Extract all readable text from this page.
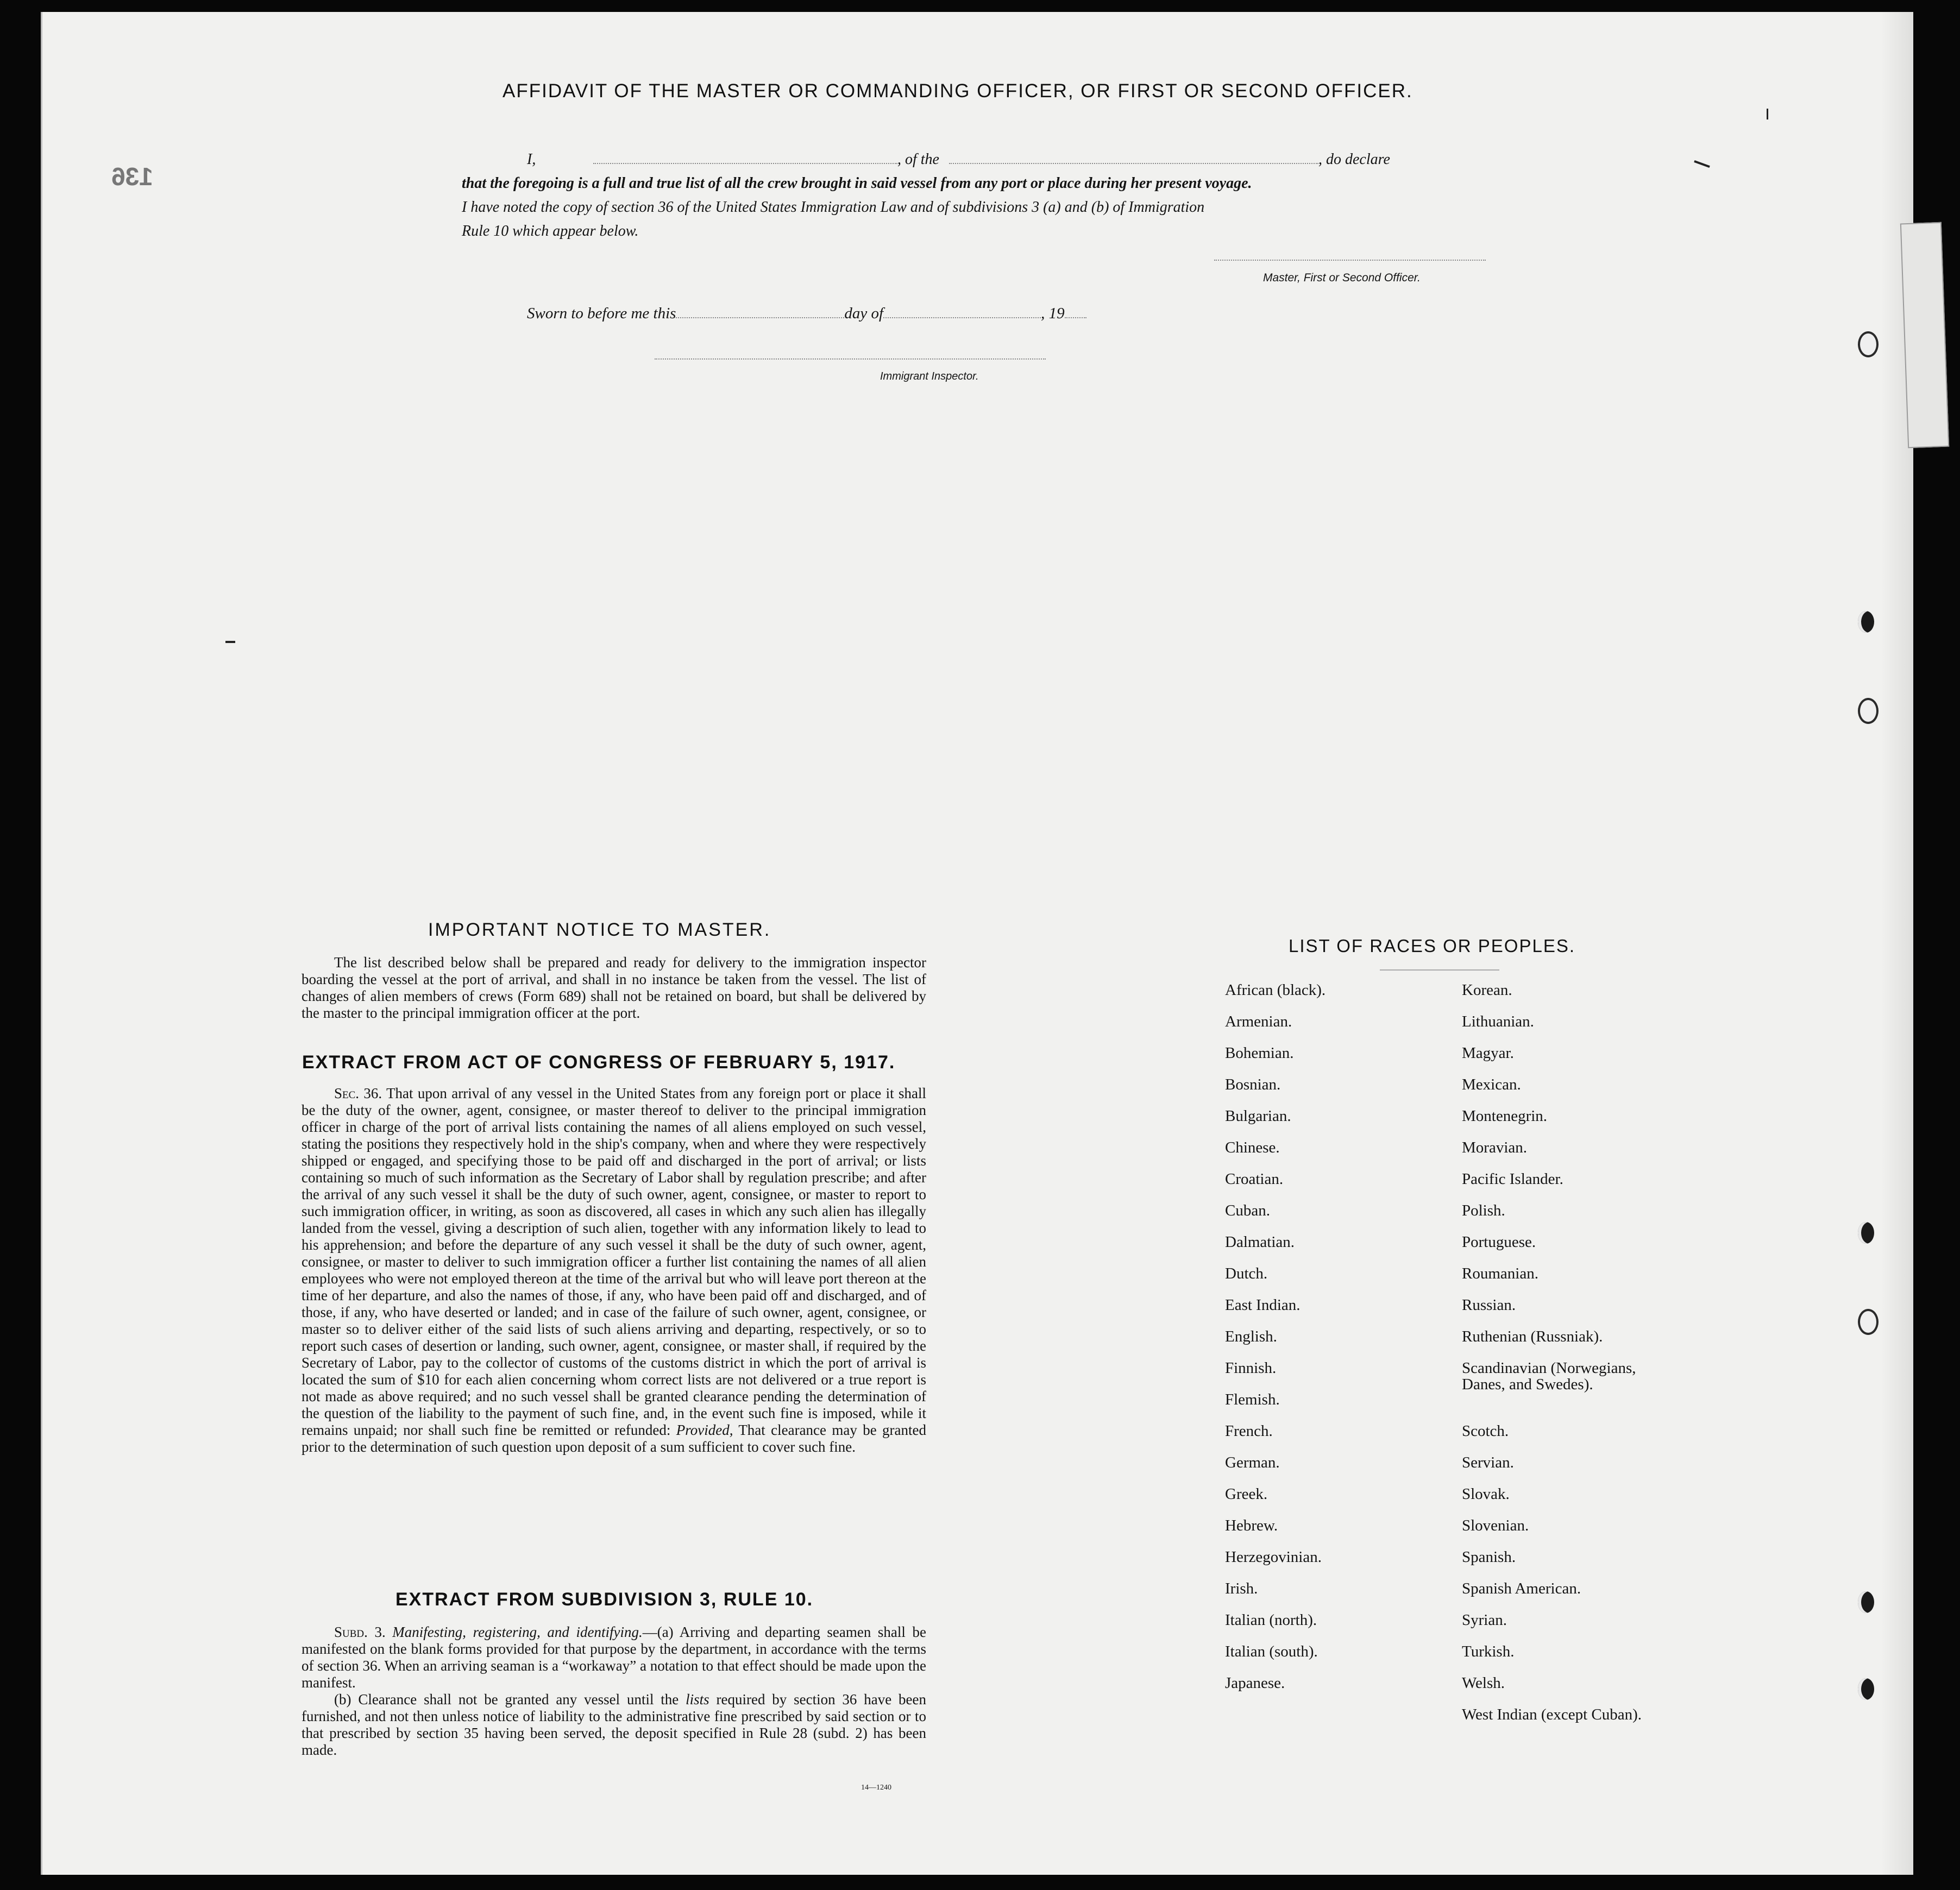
136
AFFIDAVIT OF THE MASTER OR COMMANDING OFFICER, OR FIRST OR SECOND OFFICER.
I,	, of the	, do declare
that the foregoing is a full and true list of all the crew brought in said vessel from any port or place during her present voyage.
I have noted the copy of section 36 of the United States Immigration Law and of subdivisions 3 (a) and (b) of Immigration
Rule 10 which appear below.
Master, First or Second Officer.
Sworn to before me this	day of	, 19
Immigrant Inspector.
IMPORTANT NOTICE TO MASTER.

The list described below shall be prepared and ready for delivery to the immigration inspector boarding the vessel at the port of arrival, and shall in no instance be taken from the vessel. The list of changes of alien members of crews (Form 689) shall not be retained on board, but shall be delivered by the master to the principal immigration officer at the port.

EXTRACT FROM ACT OF CONGRESS OF FEBRUARY 5, 1917.

Sec. 36. That upon arrival of any vessel in the United States from any foreign port or place it shall be the duty of the owner, agent, consignee, or master thereof to deliver to the principal immigration officer in charge of the port of arrival lists containing the names of all aliens employed on such vessel, stating the positions they respectively hold in the ship's company, when and where they were respectively shipped or engaged, and specifying those to be paid off and discharged in the port of arrival; or lists containing so much of such information as the Secretary of Labor shall by regulation prescribe; and after the arrival of any such vessel it shall be the duty of such owner, agent, consignee, or master to report to such immigration officer, in writing, as soon as discovered, all cases in which any such alien has illegally landed from the vessel, giving a description of such alien, together with any information likely to lead to his apprehension; and before the departure of any such vessel it shall be the duty of such owner, agent, consignee, or master to deliver to such immigration officer a further list containing the names of all alien employees who were not employed thereon at the time of the arrival but who will leave port thereon at the time of her departure, and also the names of those, if any, who have been paid off and discharged, and of those, if any, who have deserted or landed; and in case of the failure of such owner, agent, consignee, or master so to deliver either of the said lists of such aliens arriving and departing, respectively, or so to report such cases of desertion or landing, such owner, agent, consignee, or master shall, if required by the Secretary of Labor, pay to the collector of customs of the customs district in which the port of arrival is located the sum of $10 for each alien concerning whom correct lists are not delivered or a true report is not made as above required; and no such vessel shall be granted clearance pending the determination of the question of the liability to the payment of such fine, and, in the event such fine is imposed, while it remains unpaid; nor shall such fine be remitted or refunded: Provided, That clearance may be granted prior to the determination of such question upon deposit of a sum sufficient to cover such fine.

EXTRACT FROM SUBDIVISION 3, RULE 10.

Subd. 3. Manifesting, registering, and identifying.—(a) Arriving and departing seamen shall be manifested on the blank forms provided for that purpose by the department, in accordance with the terms of section 36. When an arriving seaman is a “workaway” a notation to that effect should be made upon the manifest.

(b) Clearance shall not be granted any vessel until the lists required by section 36 have been furnished, and not then unless notice of liability to the administrative fine prescribed by said section or to that prescribed by section 35 having been served, the deposit specified in Rule 28 (subd. 2) has been made.

14—1240
LIST OF RACES OR PEOPLES.
African (black).
Armenian.
Bohemian.
Bosnian.
Bulgarian.
Chinese.
Croatian.
Cuban.
Dalmatian.
Dutch.
East Indian.
English.
Finnish.
Flemish.
French.
German.
Greek.
Hebrew.
Herzegovinian.
Irish.
Italian (north).
Italian (south).
Japanese.
Korean.
Lithuanian.
Magyar.
Mexican.
Montenegrin.
Moravian.
Pacific Islander.
Polish.
Portuguese.
Roumanian.
Russian.
Ruthenian (Russniak).
Scandinavian (Norwegians, Danes, and Swedes).
Scotch.
Servian.
Slovak.
Slovenian.
Spanish.
Spanish American.
Syrian.
Turkish.
Welsh.
West Indian (except Cuban).
